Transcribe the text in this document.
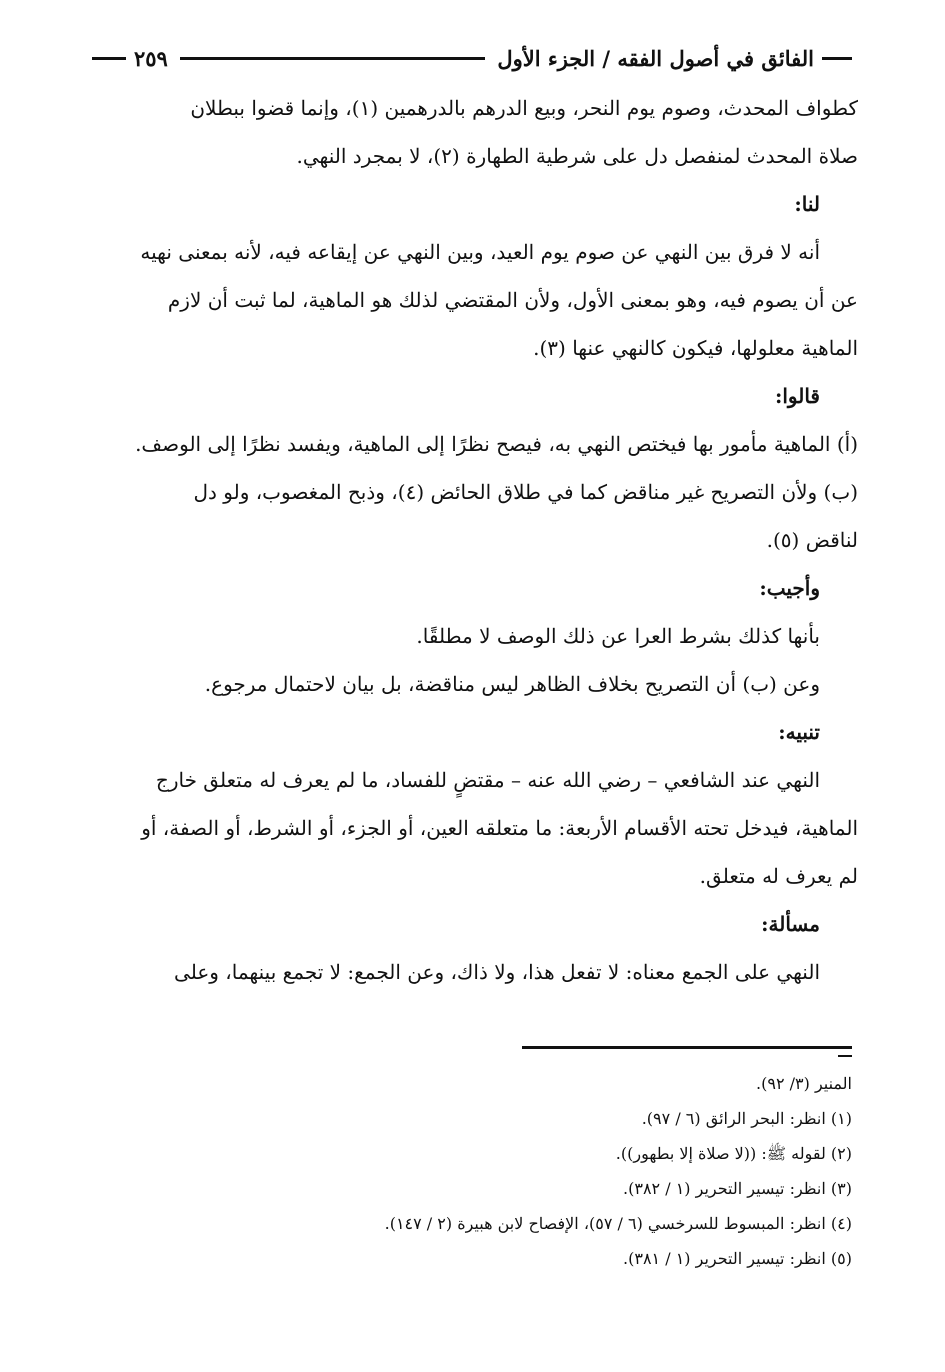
الفائق في أصول الفقه / الجزء الأول
٢٥٩
كطواف المحدث، وصوم يوم النحر، وبيع الدرهم بالدرهمين (١)، وإنما قضوا ببطلان
صلاة المحدث لمنفصل دل على شرطية الطهارة (٢)، لا بمجرد النهي.
لنا:
أنه لا فرق بين النهي عن صوم يوم العيد، وبين النهي عن إيقاعه فيه، لأنه بمعنى نهيه
عن أن يصوم فيه، وهو بمعنى الأول، ولأن المقتضي لذلك هو الماهية، لما ثبت أن لازم
الماهية معلولها، فيكون كالنهي عنها (٣).
قالوا:
(أ) الماهية مأمور بها فيختص النهي به، فيصح نظرًا إلى الماهية، ويفسد نظرًا إلى الوصف.
(ب) ولأن التصريح غير مناقض كما في طلاق الحائض (٤)، وذبح المغصوب، ولو دل
لناقض (٥).
وأجيب:
بأنها كذلك بشرط العرا عن ذلك الوصف لا مطلقًا.
وعن (ب) أن التصريح بخلاف الظاهر ليس مناقضة، بل بيان لاحتمال مرجوع.
تنبيه:
النهي عند الشافعي – رضي الله عنه – مقتضٍ للفساد، ما لم يعرف له متعلق خارج
الماهية، فيدخل تحته الأقسام الأربعة: ما متعلقه العين، أو الجزء، أو الشرط، أو الصفة، أو
لم يعرف له متعلق.
مسألة:
النهي على الجمع معناه: لا تفعل هذا، ولا ذاك، وعن الجمع: لا تجمع بينهما، وعلى
المنير (٣/ ٩٢).
(١) انظر: البحر الرائق (٦ / ٩٧).
(٢) لقوله ﷺ: ((لا صلاة إلا بطهور)).
(٣) انظر: تيسير التحرير (١ / ٣٨٢).
(٤) انظر: المبسوط للسرخسي (٦ / ٥٧)، الإفصاح لابن هبيرة (٢ / ١٤٧).
(٥) انظر: تيسير التحرير (١ / ٣٨١).
